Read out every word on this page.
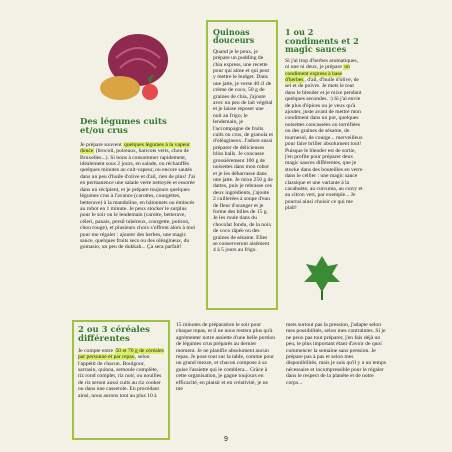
Des légumes cuits et/ou crus

Je prépare souvent quelques légumes à la vapeur douce (brocoli, poireaux, haricots verts, chou de Bruxelles...). Si bons à consommer rapidement, idéalement sous 2 jours, en salade, ou réchauffés quelques minutes au cuit-vapeur, ou encore sautés dans un peu d'huile d'olive et d'ail, rien de plus! J'ai en permanence une salade verte nettoyée et essorée dans un récipient, et je prépare toujours quelques légumes crus à l'avance (carottes, courgettes, betterave) à la mandoline, en bâtonnets ou émincés au robot en 1 minute. Je peux stocker le surplus pour le soir ou le lendemain (carotte, betterave, céleri, panais, persil tubéreux, courgette, potiron, chou rouge), et plusieurs choix s'offrent alors à moi pour me régaler : ajouter des herbes, une magic sauce, quelques fruits secs ou des oléagineux, du gomasio, un peu de dukkah... Ça sera parfait!

Quinoas douceurs

Quand je le peux, je prépare un pudding de chia express, une recette pour qui aime et qui peut y mettre le budget. Dans une jatte, je verse 40 cl de crème de coco, 50 g de graines de chia, j'ajoute avec un peu de lait végétal et je laisse reposer une nuit au frigo; le lendemain, je l'accompagne de fruits cuits ou crus, de granola et d'oléagineux. J'adore aussi préparer de délicieuses bliss balls. Je concasse grossièrement 100 g de noisettes dans mon robot et je les débarrasse dans une jatte. Je mixe 250 g de dattes, puis je rebrasse ces deux ingrédients, j'ajoute 2 cuillerées à soupe d'eau de fleur d'oranger et je forme des billes de 15 g. Je les roule dans du chocolat fondu, de la noix de coco râpée ou des graines de sésame. Elles se conserveront aisément 4 à 5 jours au frigo.

1 ou 2 condiments et 2 magic sauces

Si j'ai trop d'herbes aromatiques, ni une ni deux, je prépare un condiment express à base d'herbes, d'ail, d'huile d'olive, de sel et de poivre. Je mets le tout dans le blender et je mixe pendant quelques secondes. :) Si j'ai envie de plus d'épices ou je veux qu'à ajouter, juste avant de mettre mon condiment dans un pot, quelques noisettes concassées ou torréfiées ou des graines de sésame, de tournesol, de courge... merveilleux pour faire briller absolument tout! Puisque le blender est de sortie, j'en profite pour préparer deux magic sauces différentes, que je stocke dans des bouteilles en verre dans le cellier : une magic sauce classique et une variante à la cacahuète, au curcuma, au curry et au citron vert, par exemple... Je pourrai ainsi choisir ce qui me plaît!

2 ou 3 céréales différentes

Je compte entre 50 et 70 g de céréales par personne et par repas, selon l'appétit de chacun. Boulgour, sarrasin, quinoa, semoule complète, riz rond complet, riz noir, ou nouilles de riz seront aussi cuits au riz cooker ou dans une casserole. En procédant ainsi, nous aurons tout au plus 10 à

15 minutes de préparation le soir pour chaque repas, et il ne nous restera plus qu'à agrémenter notre assiette d'une belle portion de légumes crus préparés au dernier moment. Je ne planifie absolument aucun repas. Je pose tout sur la table, comme pour un grand mezze, et chacun compose à sa guise l'assiette qui le comblera... Grâce à cette organisation, je gagne toujours en efficacité, en plaisir et en créativité, je ne me

mets surtout pas la pression, j'adapte selon mes possibilités, selon mes contraintes. Si je ne peux pas tout préparer, j'en fais déjà un peu, le plus important étant d'avoir de quoi commencer la semaine sans pression. Je prépare pas à pas et selon mes disponibilités, mais je suis qu'il y a un temps nécessaire et incompressible pour le régaler dans le respect de la planète et de notre corps...

9
